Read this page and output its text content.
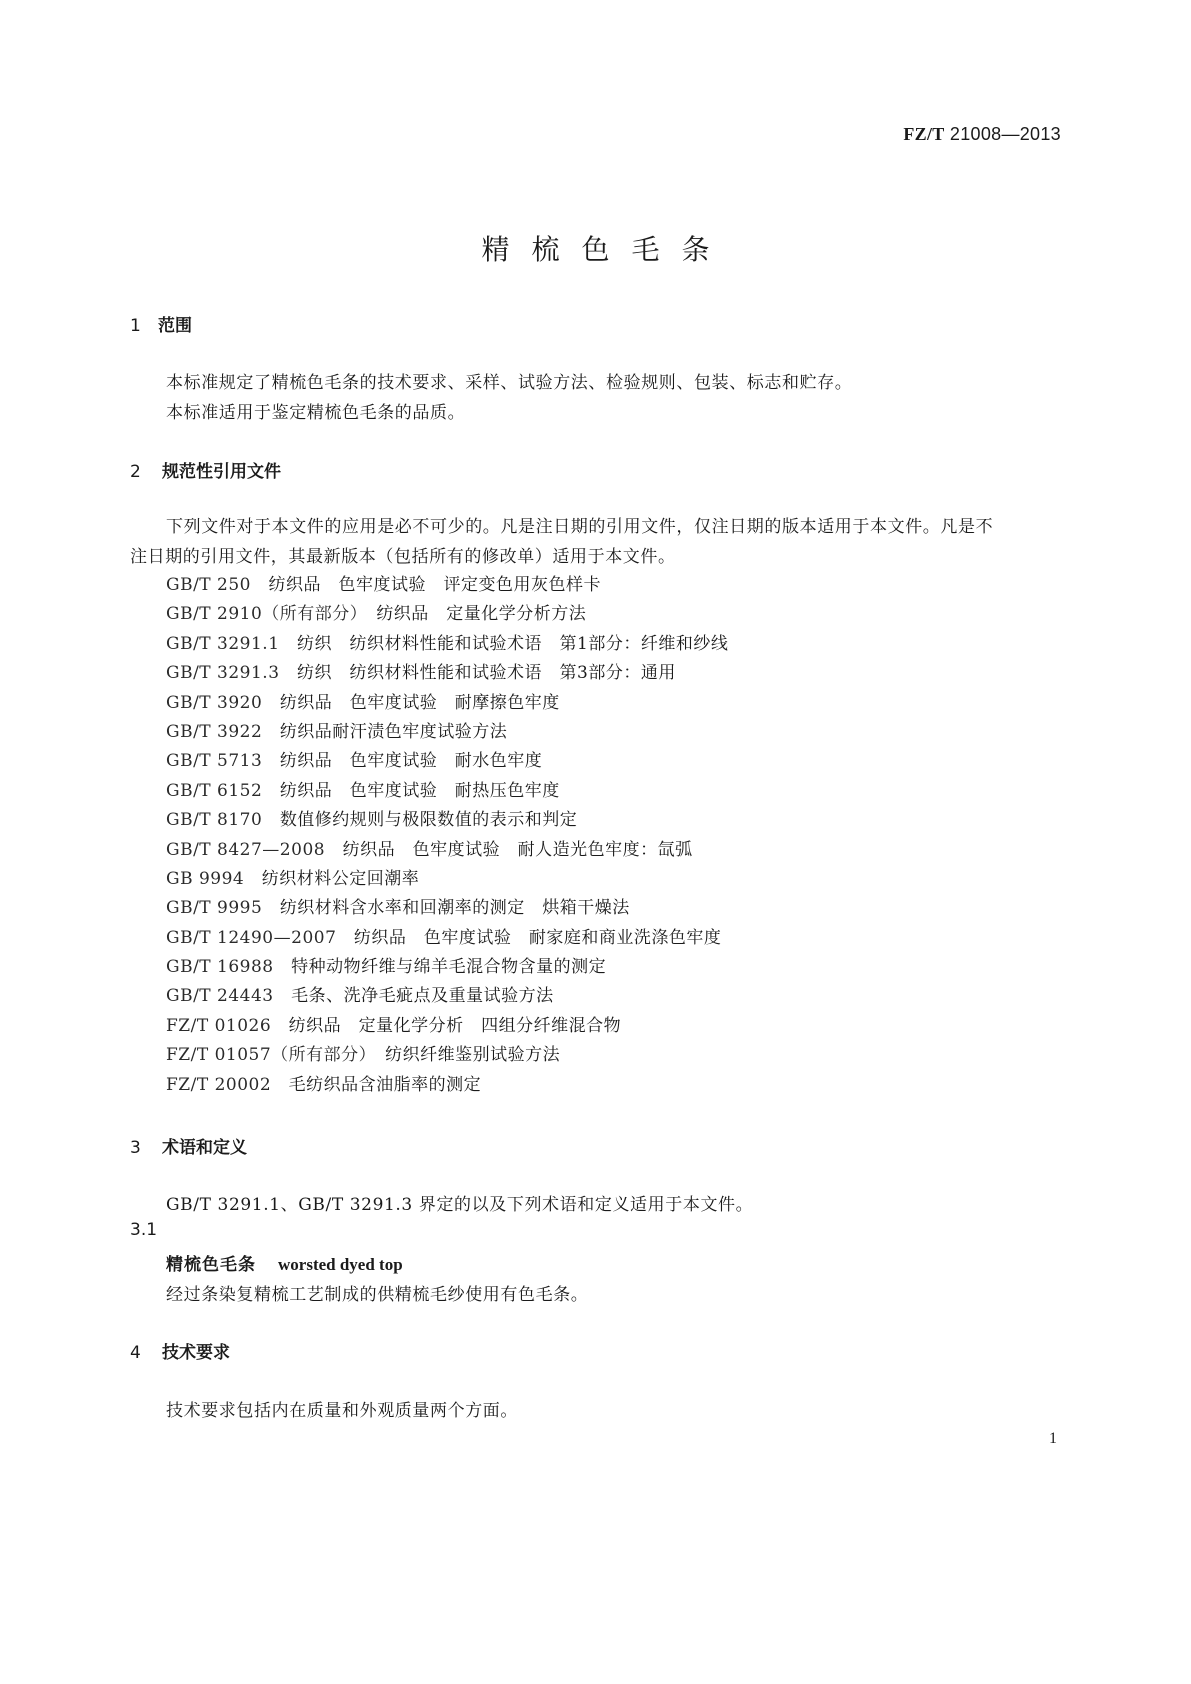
FZ/T 21008—2013
精梳色毛条
1 范围
本标准规定了精梳色毛条的技术要求、采样、试验方法、检验规则、包装、标志和贮存。
本标准适用于鉴定精梳色毛条的品质。
2 规范性引用文件
下列文件对于本文件的应用是必不可少的。凡是注日期的引用文件，仅注日期的版本适用于本文件。凡是不注日期的引用文件，其最新版本（包括所有的修改单）适用于本文件。
GB/T 250　 纺织品　色牢度试验　评定变色用灰色样卡
GB/T 2910（所有部分）　 纺织品　定量化学分析方法
GB/T 3291.1　 纺织　纺织材料性能和试验术语　第1部分：纤维和纱线
GB/T 3291.3　 纺织　纺织材料性能和试验术语　第3部分：通用
GB/T 3920　 纺织品　色牢度试验　耐摩擦色牢度
GB/T 3922　 纺织品耐汗渍色牢度试验方法
GB/T 5713　 纺织品　色牢度试验　耐水色牢度
GB/T 6152　 纺织品　色牢度试验　耐热压色牢度
GB/T 8170　 数值修约规则与极限数值的表示和判定
GB/T 8427—2008　 纺织品　色牢度试验　耐人造光色牢度：氙弧
GB 9994　 纺织材料公定回潮率
GB/T 9995　 纺织材料含水率和回潮率的测定　烘箱干燥法
GB/T 12490—2007　 纺织品　色牢度试验　耐家庭和商业洗涤色牢度
GB/T 16988　 特种动物纤维与绵羊毛混合物含量的测定
GB/T 24443　 毛条、洗净毛疵点及重量试验方法
FZ/T 01026　 纺织品　定量化学分析　四组分纤维混合物
FZ/T 01057（所有部分）　 纺织纤维鉴别试验方法
FZ/T 20002　 毛纺织品含油脂率的测定
3 术语和定义
GB/T 3291.1、GB/T 3291.3 界定的以及下列术语和定义适用于本文件。
3.1
精梳色毛条 worsted dyed top
经过条染复精梳工艺制成的供精梳毛纱使用有色毛条。
4 技术要求
技术要求包括内在质量和外观质量两个方面。
1
